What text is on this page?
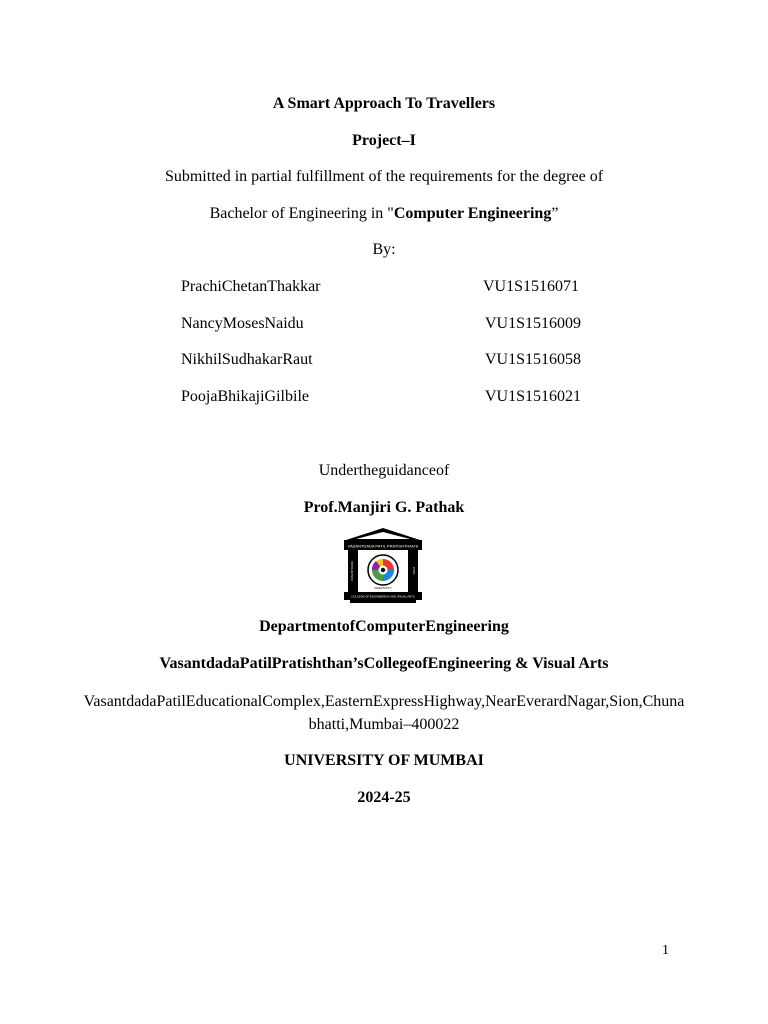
A Smart Approach To Travellers
Project–I
Submitted in partial fulfillment of the requirements for the degree of
Bachelor of Engineering in "Computer Engineering”
By:
PrachiChetanThakkar	VU1S1516071
NancyMosesNaidu	VU1S1516009
NikhilSudhakarRaut	VU1S1516058
PoojaBhikajiGilbile	VU1S1516021
Undertheguidanceof
Prof.Manjiri G. Pathak
VASANTDADA PATIL PRATISHTHAN'S
VASANTDADA	PATIL
CREATIVITY
COLLEGE OF ENGINEERING AND VISUAL ARTS
DepartmentofComputerEngineering
VasantdadaPatilPratishthan’sCollegeofEngineering & Visual Arts
VasantdadaPatilEducationalComplex,EasternExpressHighway,NearEverardNagar,Sion,Chunabhatti,Mumbai–400022
UNIVERSITY OF MUMBAI
2024-25
1
